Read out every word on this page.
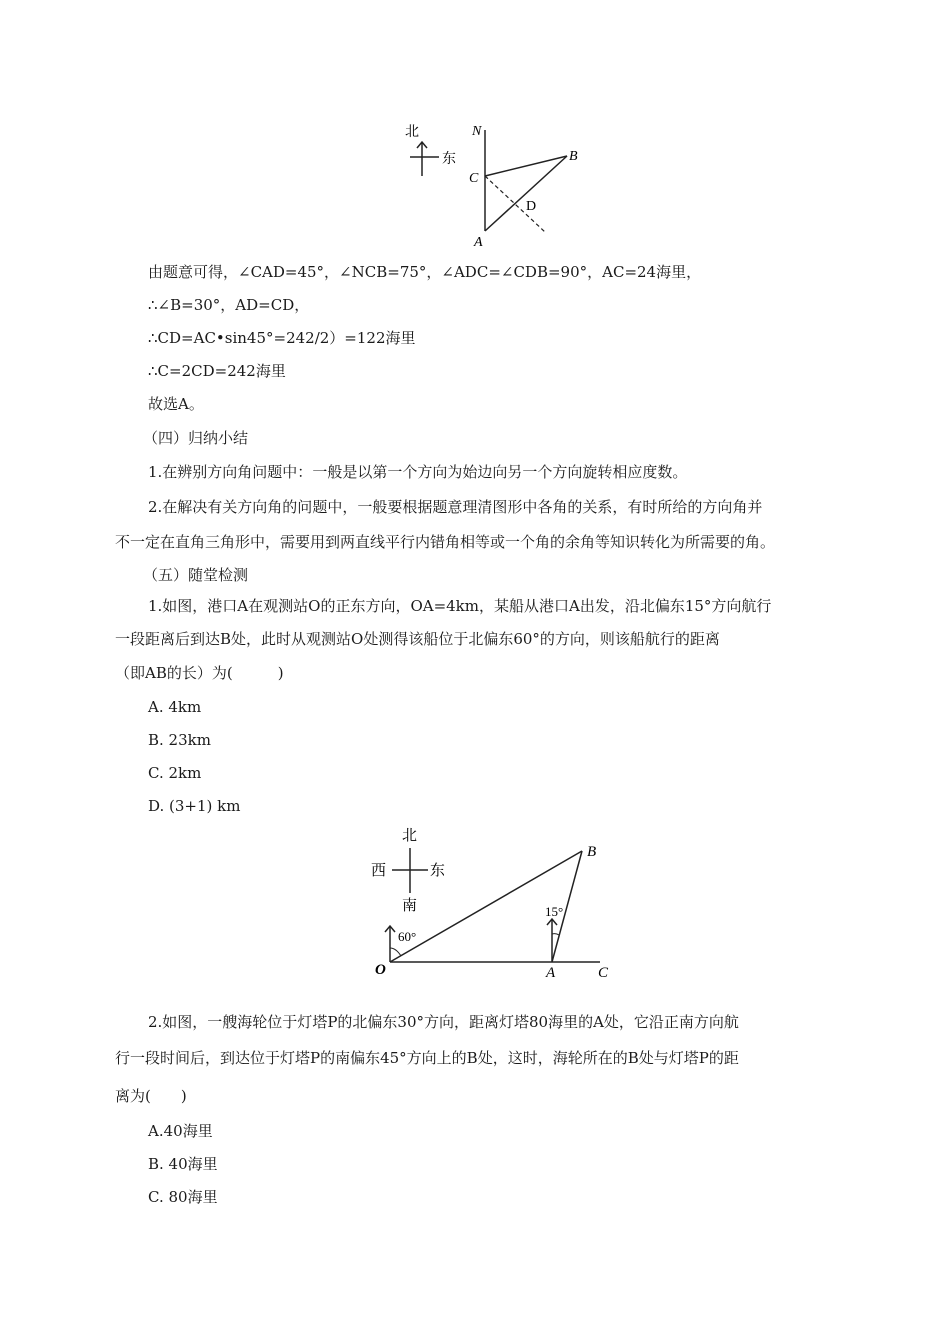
北
东
N
B
C
D
A
由题意可得，∠CAD=45°，∠NCB=75°，∠ADC=∠CDB=90°，AC=24海里，
∴∠B=30°，AD=CD，
∴CD=AC•sin45°=242/2）=122海里
∴C=2CD=242海里
故选A。
（四）归纳小结
1.在辨别方向角问题中：一般是以第一个方向为始边向另一个方向旋转相应度数。
2.在解决有关方向角的问题中，一般要根据题意理清图形中各角的关系，有时所给的方向角并
不一定在直角三角形中，需要用到两直线平行内错角相等或一个角的余角等知识转化为所需要的角。
（五）随堂检测
1.如图，港口A在观测站O的正东方向，OA=4km，某船从港口A出发，沿北偏东15°方向航行
一段距离后到达B处，此时从观测站O处测得该船位于北偏东60°的方向，则该船航行的距离
（即AB的长）为(　　　)
A. 4km
B. 23km
C. 2km
D. (3+1) km
北
西	东
南
60°
15°
O	A	C
B
2.如图，一艘海轮位于灯塔P的北偏东30°方向，距离灯塔80海里的A处，它沿正南方向航
行一段时间后，到达位于灯塔P的南偏东45°方向上的B处，这时，海轮所在的B处与灯塔P的距
离为(　　)
A.40海里
B. 40海里
C. 80海里
